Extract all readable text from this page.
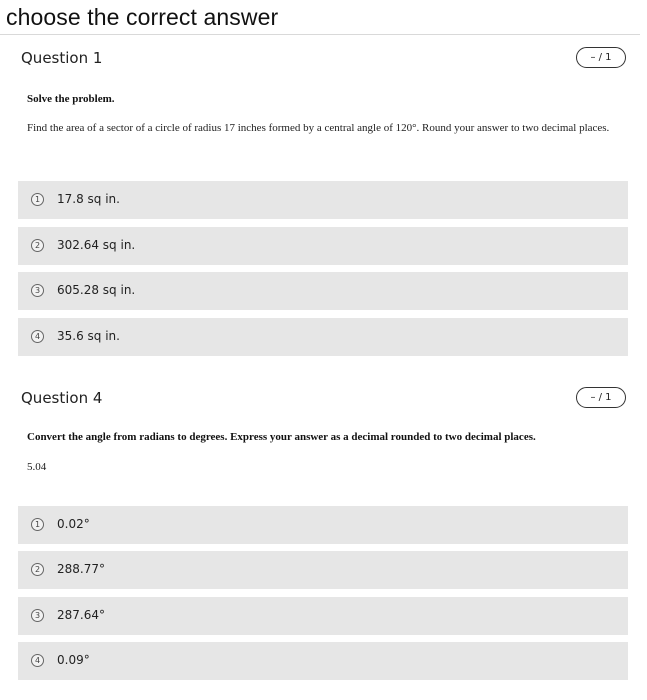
choose the correct answer
Question 1	– / 1
Solve the problem.
Find the area of a sector of a circle of radius 17 inches formed by a central angle of 120°. Round your answer to two decimal places.
1	17.8 sq in.
2	302.64 sq in.
3	605.28 sq in.
4	35.6 sq in.
Question 4	– / 1
Convert the angle from radians to degrees. Express your answer as a decimal rounded to two decimal places.
5.04
1	0.02°
2	288.77°
3	287.64°
4	0.09°
